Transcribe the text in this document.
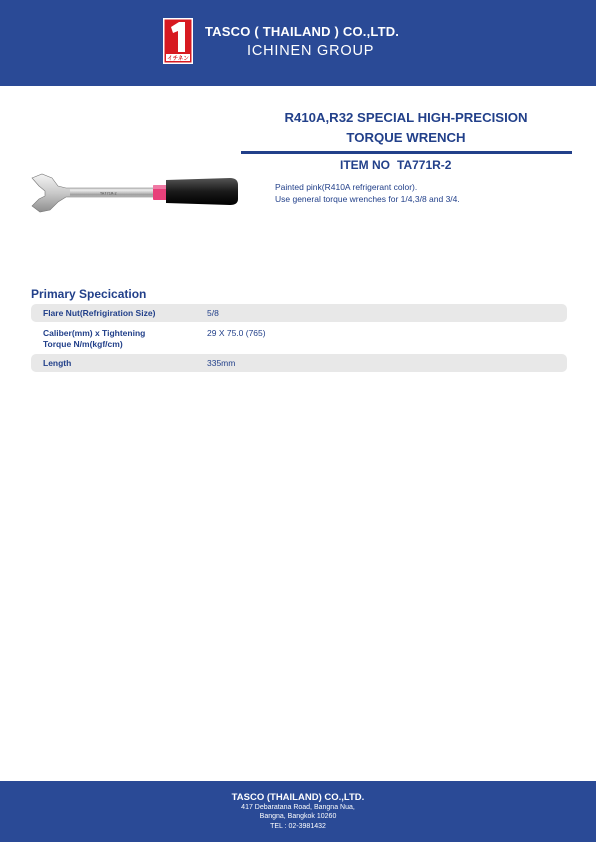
イチネン
TASCO ( THAILAND ) CO.,LTD.
ICHINEN GROUP
R410A,R32 SPECIAL HIGH-PRECISION
TORQUE WRENCH
ITEM NO TA771R-2
Painted pink(R410A refrigerant color).
Use general torque wrenches for 1/4,3/8 and 3/4.
TA771R-2
Primary Specication
Flare Nut(Refrigiration Size)	5/8
Caliber(mm) x Tightening
Torque N/m(kgf/cm)
29 X 75.0 (765)
Length	335mm
TASCO (THAILAND) CO.,LTD.
417 Debaratana Road, Bangna Nua,
Bangna, Bangkok 10260
TEL : 02-3981432
